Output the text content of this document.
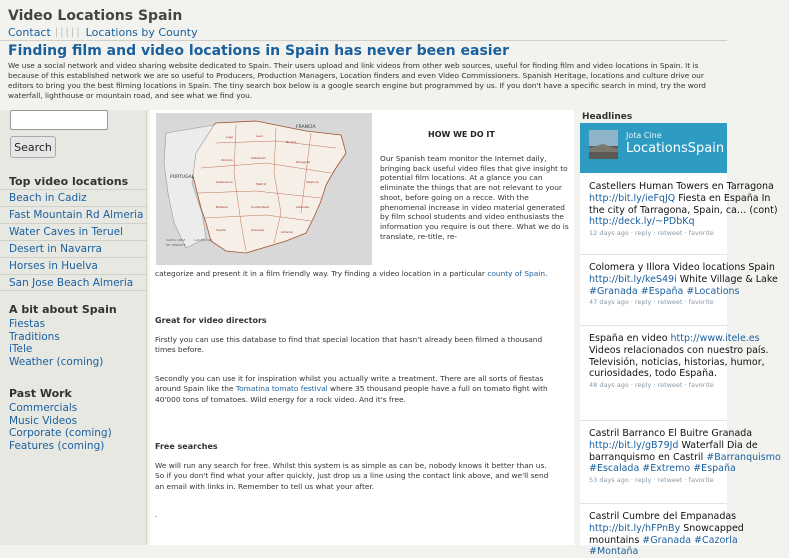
Video Locations Spain
Contact ||||| Locations by County
Finding film and video locations in Spain has never been easier
We use a social network and video sharing website dedicated to Spain. Their users upload and link videos from other web sources, useful for finding film and video locations in Spain. It is because of this established network we are so useful to Producers, Production Managers, Location finders and even Video Commissioners. Spanish Heritage, locations and culture drive our editors to bring you the best filming locations in Spain. The tiny search box below is a google search engine but programmed by us. If you don't have a specific search in mind, try the word waterfall, lighthouse or mountain road, and see what we find you.
Search
Top video locations
Beach in Cadiz
Fast Mountain Rd Almeria
Water Caves in Teruel
Desert in Navarra
Horses in Huelva
San Jose Beach Almeria
A bit about Spain
Fiestas
Traditions
iTele
Weather (coming)
Past Work
Commercials
Music Videos
Corporate (coming)
Features (coming)
Lugo	Leon
Burgos
Zamora	Valladolid
Zaragoza
Salamanca	Madrid	Valencia
Badajoz	Ciudad Real	Albacete
Sevilla	Granada	Almeria
SANTA CRUZ
DE TENERIFE
LAS PALMAS
FRANCIA
PORTUGAL
HOW WE DO IT
Our Spanish team monitor the Internet daily, bringing back useful video files that give insight to potential film locations. At a glance you can eliminate the things that are not relevant to your shoot, before going on a recce. With the phenomenal increase in video material generated by film school students and video enthusiasts the information you require is out there. What we do is translate, re-title, re-
categorize and present it in a film friendly way. Try finding a video location in a particular county of Spain.
Great for video directors
Firstly you can use this database to find that special location that hasn't already been filmed a thousand times before.
Secondly you can use it for inspiration whilst you actually write a treatment. There are all sorts of fiestas around Spain like the Tomatina tomato festival where 35 thousand people have a full on tomato fight with 40'000 tons of tomatoes. Wild energy for a rock video. And it's free.
Free searches
We will run any search for free. Whilst this system is as simple as can be, nobody knows it better than us. So if you don't find what your after quickly, just drop us a line using the contact link above, and we'll send an email with links in. Remember to tell us what your after.
.
Headlines
Jota Cine
LocationsSpain
Castellers Human Towers en Tarragona http://bit.ly/ieFqJQ Fiesta en España In the city of Tarragona, Spain, ca… (cont) http://deck.ly/~PDbKq
12 days ago · reply · retweet · favorite
Colomera y Illora Video locations Spain http://bit.ly/keS49i White Village & Lake #Granada #España #Locations
47 days ago · reply · retweet · favorite
España en video http://www.itele.es Videos relacionados con nuestro país. Televisión, noticias, historias, humor, curiosidades, todo España.
48 days ago · reply · retweet · favorite
Castril Barranco El Buitre Granada http://bit.ly/gB79Jd Waterfall Dia de barranquismo en Castril #Barranquismo #Escalada #Extremo #España
53 days ago · reply · retweet · favorite
Castril Cumbre del Empanadas http://bit.ly/hFPnBy Snowcapped mountains #Granada #Cazorla #Montaña
